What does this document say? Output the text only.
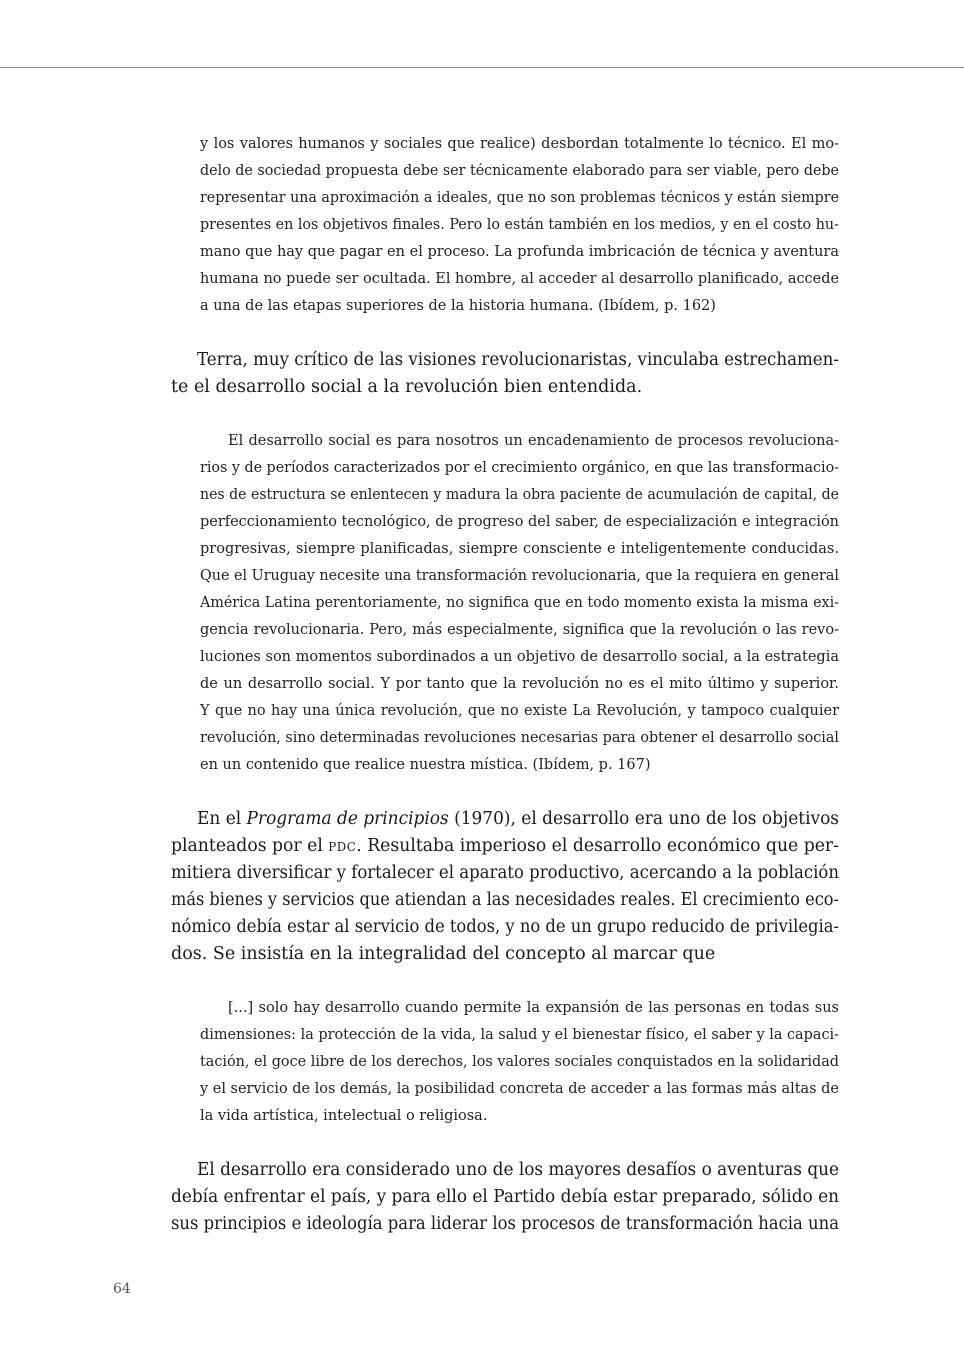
y los valores humanos y sociales que realice) desbordan totalmente lo técnico. El mo-

delo de sociedad propuesta debe ser técnicamente elaborado para ser viable, pero debe

representar una aproximación a ideales, que no son problemas técnicos y están siempre

presentes en los objetivos finales. Pero lo están también en los medios, y en el costo hu-

mano que hay que pagar en el proceso. La profunda imbricación de técnica y aventura

humana no puede ser ocultada. El hombre, al acceder al desarrollo planificado, accede

a una de las etapas superiores de la historia humana. (Ibídem, p. 162)

Terra, muy crítico de las visiones revolucionaristas, vinculaba estrechamen-

te el desarrollo social a la revolución bien entendida.

El desarrollo social es para nosotros un encadenamiento de procesos revoluciona-

rios y de períodos caracterizados por el crecimiento orgánico, en que las transformacio-

nes de estructura se enlentecen y madura la obra paciente de acumulación de capital, de

perfeccionamiento tecnológico, de progreso del saber, de especialización e integración

progresivas, siempre planificadas, siempre consciente e inteligentemente conducidas.

Que el Uruguay necesite una transformación revolucionaria, que la requiera en general

América Latina perentoriamente, no significa que en todo momento exista la misma exi-

gencia revolucionaria. Pero, más especialmente, significa que la revolución o las revo-

luciones son momentos subordinados a un objetivo de desarrollo social, a la estrategia

de un desarrollo social. Y por tanto que la revolución no es el mito último y superior.

Y que no hay una única revolución, que no existe La Revolución, y tampoco cualquier

revolución, sino determinadas revoluciones necesarias para obtener el desarrollo social

en un contenido que realice nuestra mística. (Ibídem, p. 167)

En el Programa de principios (1970), el desarrollo era uno de los objetivos

planteados por el pdc. Resultaba imperioso el desarrollo económico que per-

mitiera diversificar y fortalecer el aparato productivo, acercando a la población

más bienes y servicios que atiendan a las necesidades reales. El crecimiento eco-

nómico debía estar al servicio de todos, y no de un grupo reducido de privilegia-

dos. Se insistía en la integralidad del concepto al marcar que

[...] solo hay desarrollo cuando permite la expansión de las personas en todas sus

dimensiones: la protección de la vida, la salud y el bienestar físico, el saber y la capaci-

tación, el goce libre de los derechos, los valores sociales conquistados en la solidaridad

y el servicio de los demás, la posibilidad concreta de acceder a las formas más altas de

la vida artística, intelectual o religiosa.

El desarrollo era considerado uno de los mayores desafíos o aventuras que

debía enfrentar el país, y para ello el Partido debía estar preparado, sólido en

sus principios e ideología para liderar los procesos de transformación hacia una

64
